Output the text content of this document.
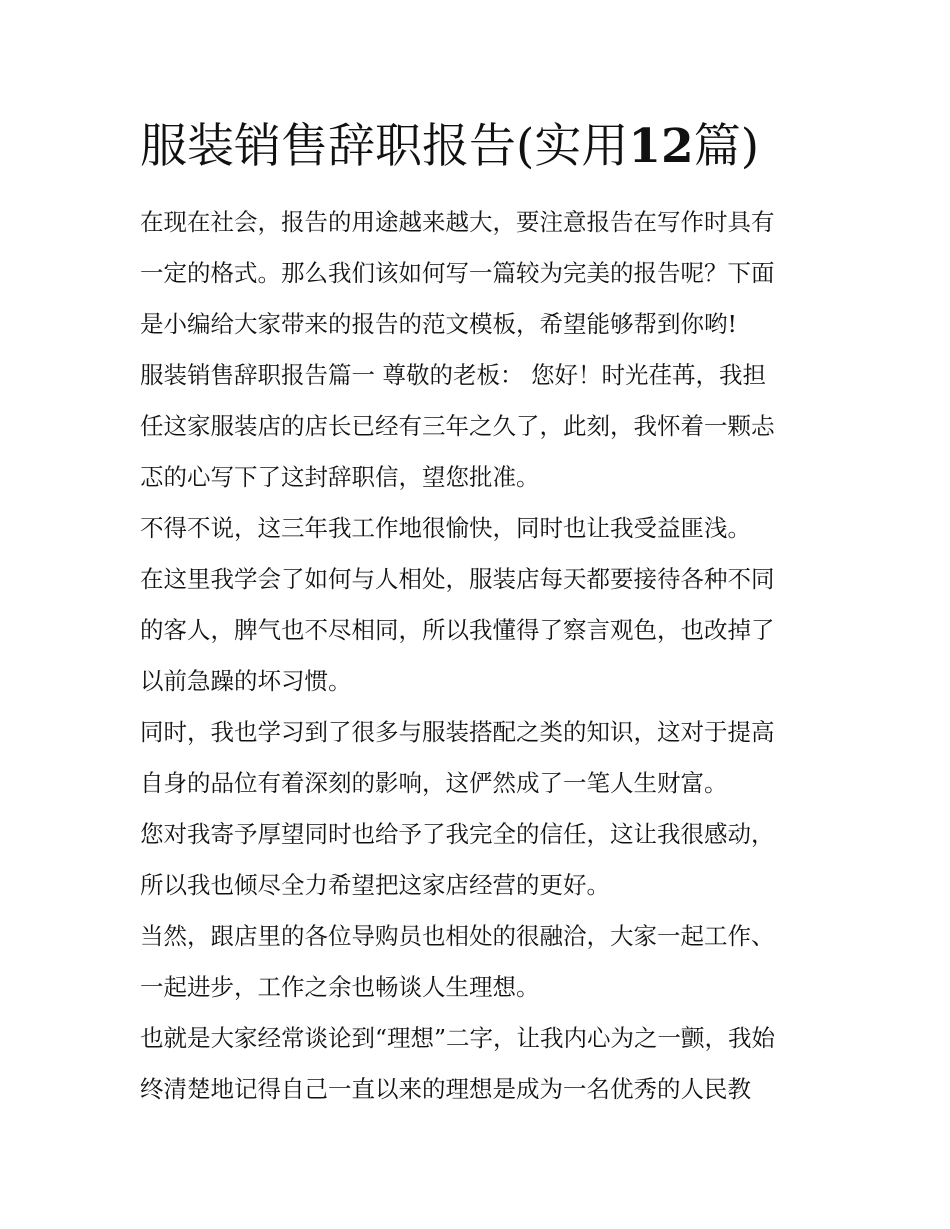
服装销售辞职报告(实用12篇)

在现在社会，报告的用途越来越大，要注意报告在写作时具有
一定的格式。那么我们该如何写一篇较为完美的报告呢？下面
是小编给大家带来的报告的范文模板，希望能够帮到你哟!

服装销售辞职报告篇一 尊敬的老板： 您好！时光荏苒，我担
任这家服装店的店长已经有三年之久了，此刻，我怀着一颗忐
忑的心写下了这封辞职信，望您批准。

不得不说，这三年我工作地很愉快，同时也让我受益匪浅。

在这里我学会了如何与人相处，服装店每天都要接待各种不同
的客人，脾气也不尽相同，所以我懂得了察言观色，也改掉了
以前急躁的坏习惯。

同时，我也学习到了很多与服装搭配之类的知识，这对于提高
自身的品位有着深刻的影响，这俨然成了一笔人生财富。

您对我寄予厚望同时也给予了我完全的信任，这让我很感动，
所以我也倾尽全力希望把这家店经营的更好。

当然，跟店里的各位导购员也相处的很融洽，大家一起工作、
一起进步，工作之余也畅谈人生理想。

也就是大家经常谈论到“理想”二字，让我内心为之一颤，我始
终清楚地记得自己一直以来的理想是成为一名优秀的人民教
